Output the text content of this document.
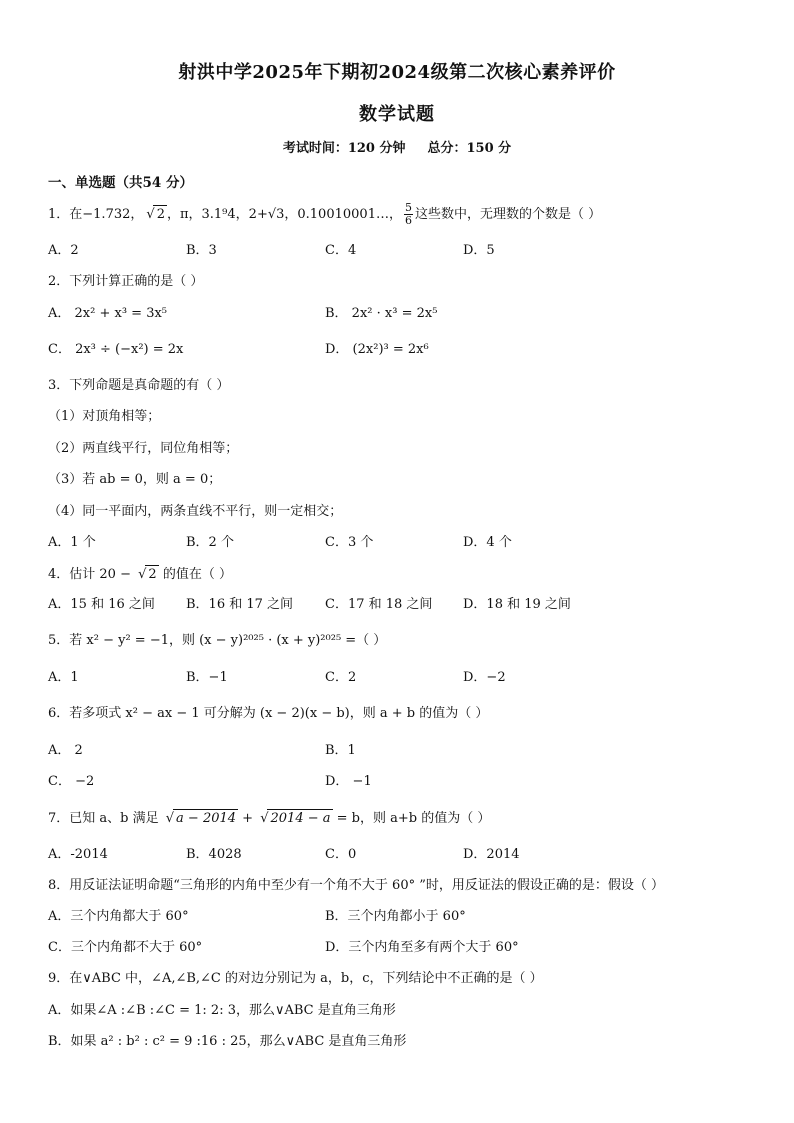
射洪中学2025年下期初2024级第二次核心素养评价
数学试题
考试时间：120 分钟 总分：150 分
一、单选题（共54 分）
1．在−1.732，√ 2 ，π，3.1⁹4̇，2+√3，0.10010001…， $\frac{5}{6}$ 这些数中，无理数的个数是（ ）
A．2	B．3	C．4	D．5
2．下列计算正确的是（ ）
A． 2x² + x³ = 3x⁵	B． 2x² · x³ = 2x⁵
C． 2x³ ÷ (−x²) = 2x	D． (2x²)³ = 2x⁶
3．下列命题是真命题的有（ ）
（1）对顶角相等；
（2）两直线平行，同位角相等；
（3）若 ab = 0，则 a = 0；
（4）同一平面内，两条直线不平行，则一定相交；
A．1 个	B．2 个	C．3 个	D．4 个
4．估计 20 − √ 2 的值在（ ）
A．15 和 16 之间 B．16 和 17 之间 C．17 和 18 之间 D．18 和 19 之间
5．若 x² − y² = −1，则 (x − y)²⁰²⁵ · (x + y)²⁰²⁵ =（ ）
A．1	B．−1	C．2	D．−2
6．若多项式 x² − ax − 1 可分解为 (x − 2)(x − b)，则 a + b 的值为（ ）
A． 2	B．1
C． −2	D． −1
7．已知 a、b 满足 √ a − 2014 + √ 2014 − a = b，则 a+b 的值为（ ）
A．-2014	B．4028	C．0	D．2014
8．用反证法证明命题“三角形的内角中至少有一个角不大于 60° ”时，用反证法的假设正确的是：假设（ ）
A．三个内角都大于 60°	B．三个内角都小于 60°
C．三个内角都不大于 60°	D．三个内角至多有两个大于 60°
9．在∨ABC 中，∠A,∠B,∠C 的对边分别记为 a，b，c，下列结论中不正确的是（ ）
A．如果∠A :∠B :∠C = 1: 2: 3，那么∨ABC 是直角三角形
B．如果 a² : b² : c² = 9 :16 : 25，那么∨ABC 是直角三角形
